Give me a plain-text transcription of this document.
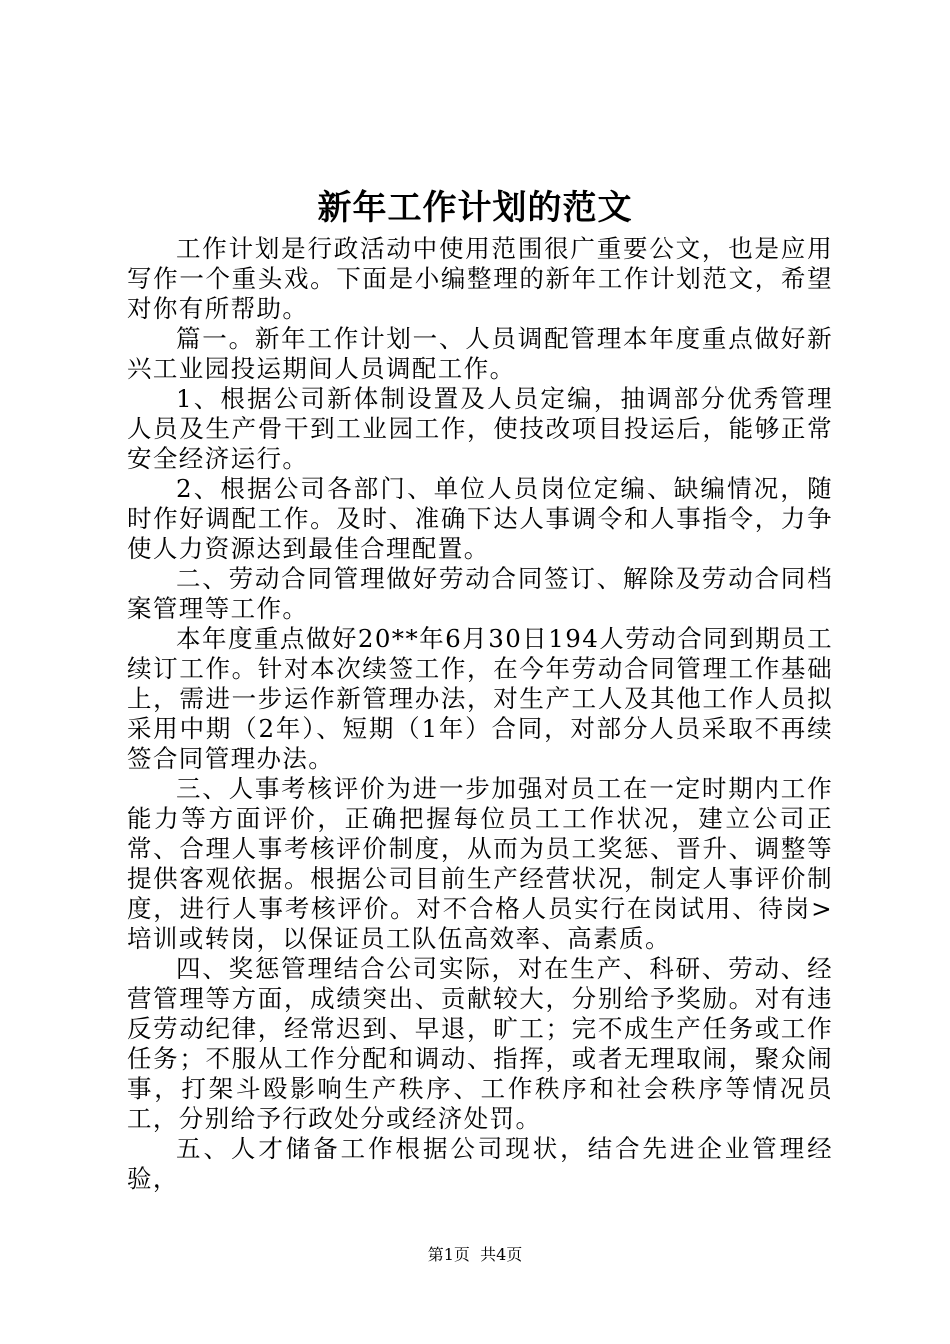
新年工作计划的范文

工作计划是行政活动中使用范围很广重要公文，也是应用写作一个重头戏。下面是小编整理的新年工作计划范文，希望对你有所帮助。

篇一。新年工作计划一、人员调配管理本年度重点做好新兴工业园投运期间人员调配工作。

1、根据公司新体制设置及人员定编，抽调部分优秀管理人员及生产骨干到工业园工作，使技改项目投运后，能够正常安全经济运行。

2、根据公司各部门、单位人员岗位定编、缺编情况，随时作好调配工作。及时、准确下达人事调令和人事指令，力争使人力资源达到最佳合理配置。

二、劳动合同管理做好劳动合同签订、解除及劳动合同档案管理等工作。

本年度重点做好20**年6月30日194人劳动合同到期员工续订工作。针对本次续签工作，在今年劳动合同管理工作基础上，需进一步运作新管理办法，对生产工人及其他工作人员拟采用中期（2年）、短期（1年）合同，对部分人员采取不再续签合同管理办法。

三、人事考核评价为进一步加强对员工在一定时期内工作能力等方面评价，正确把握每位员工工作状况，建立公司正常、合理人事考核评价制度，从而为员工奖惩、晋升、调整等提供客观依据。根据公司目前生产经营状况，制定人事评价制度，进行人事考核评价。对不合格人员实行在岗试用、待岗>培训或转岗，以保证员工队伍高效率、高素质。

四、奖惩管理结合公司实际，对在生产、科研、劳动、经营管理等方面，成绩突出、贡献较大，分别给予奖励。对有违反劳动纪律，经常迟到、早退，旷工；完不成生产任务或工作任务；不服从工作分配和调动、指挥，或者无理取闹，聚众闹事，打架斗殴影响生产秩序、工作秩序和社会秩序等情况员工，分别给予行政处分或经济处罚。

五、人才储备工作根据公司现状，结合先进企业管理经验，

第1页  共4页
